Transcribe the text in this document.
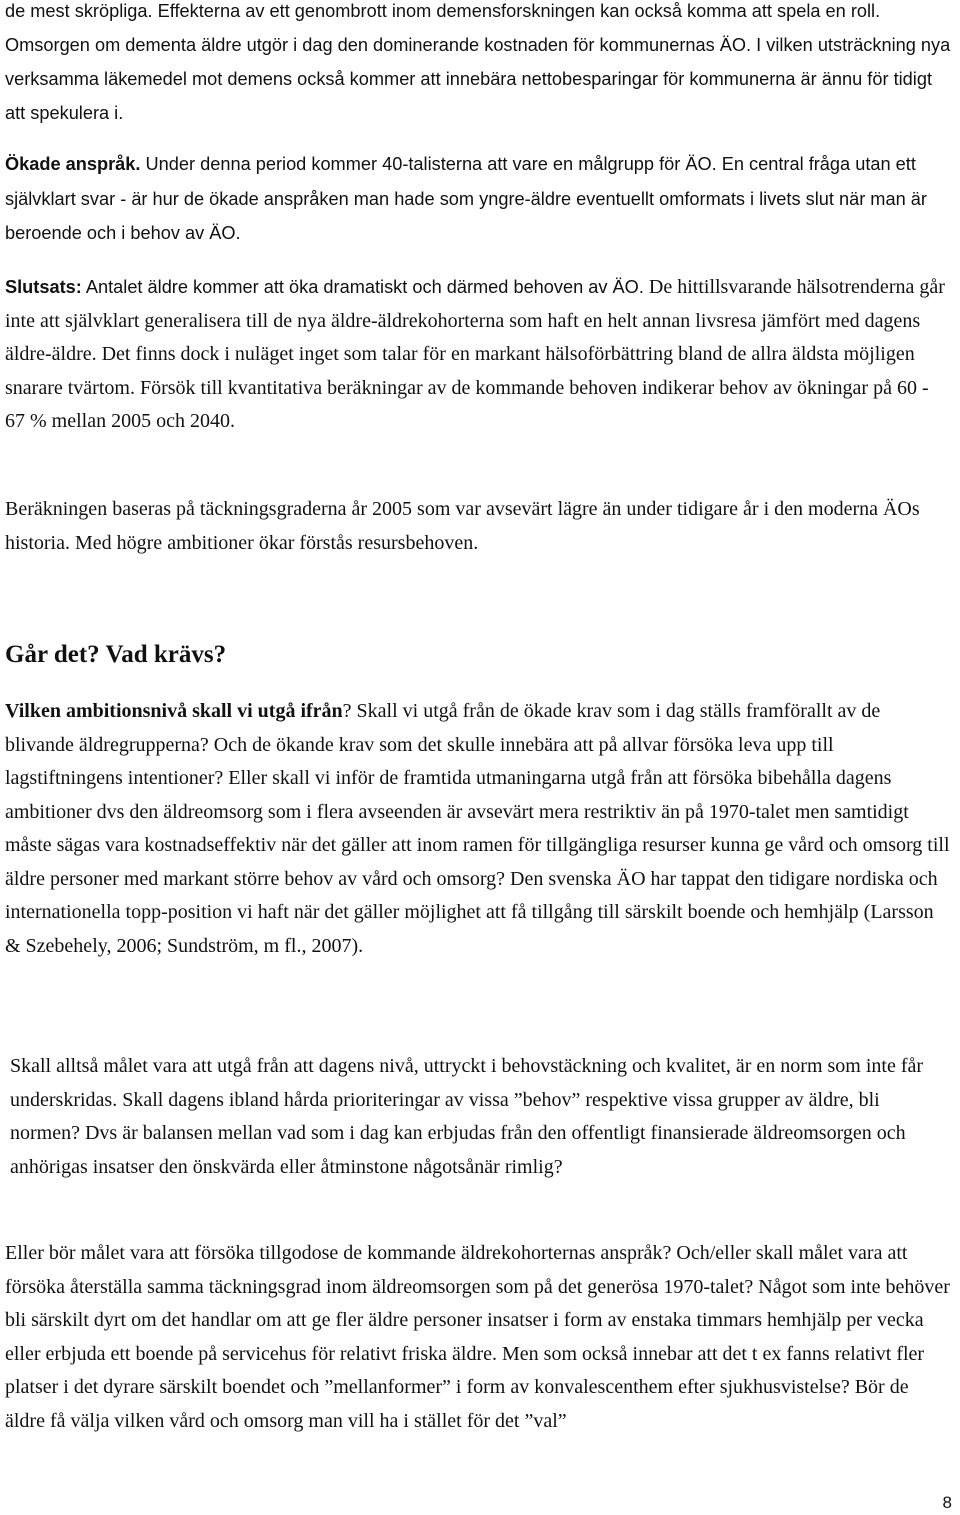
de mest skröpliga. Effekterna av ett genombrott inom demensforskningen kan också komma att spela en roll. Omsorgen om dementa äldre utgör i dag den dominerande kostnaden för kommunernas ÄO. I vilken utsträckning nya verksamma läkemedel mot demens också kommer att innebära nettobesparingar för kommunerna är ännu för tidigt att spekulera i.

Ökade anspråk. Under denna period kommer 40-talisterna att vare en målgrupp för ÄO. En central fråga utan ett självklart svar - är hur de ökade anspråken man hade som yngre-äldre eventuellt omformats i livets slut när man är beroende och i behov av ÄO.

Slutsats: Antalet äldre kommer att öka dramatiskt och därmed behoven av ÄO. De hittillsvarande hälsotrenderna går inte att självklart generalisera till de nya äldre-äldrekohorterna som haft en helt annan livsresa jämfört med dagens äldre-äldre. Det finns dock i nuläget inget som talar för en markant hälsoförbättring bland de allra äldsta möjligen snarare tvärtom. Försök till kvantitativa beräkningar av de kommande behoven indikerar behov av ökningar på 60 - 67 % mellan 2005 och 2040.

Beräkningen baseras på täckningsgraderna år 2005 som var avsevärt lägre än under tidigare år i den moderna ÄOs historia. Med högre ambitioner ökar förstås resursbehoven.

Går det? Vad krävs?

Vilken ambitionsnivå skall vi utgå ifrån? Skall vi utgå från de ökade krav som i dag ställs framförallt av de blivande äldregrupperna? Och de ökande krav som det skulle innebära att på allvar försöka leva upp till lagstiftningens intentioner? Eller skall vi inför de framtida utmaningarna utgå från att försöka bibehålla dagens ambitioner dvs den äldreomsorg som i flera avseenden är avsevärt mera restriktiv än på 1970-talet men samtidigt måste sägas vara kostnadseffektiv när det gäller att inom ramen för tillgängliga resurser kunna ge vård och omsorg till äldre personer med markant större behov av vård och omsorg? Den svenska ÄO har tappat den tidigare nordiska och internationella topp-position vi haft när det gäller möjlighet att få tillgång till särskilt boende och hemhjälp (Larsson & Szebehely, 2006; Sundström, m fl., 2007).

Skall alltså målet vara att utgå från att dagens nivå, uttryckt i behovstäckning och kvalitet, är en norm som inte får underskridas. Skall dagens ibland hårda prioriteringar av vissa ”behov” respektive vissa grupper av äldre, bli normen? Dvs är balansen mellan vad som i dag kan erbjudas från den offentligt finansierade äldreomsorgen och anhörigas insatser den önskvärda eller åtminstone någotsånär rimlig?

Eller bör målet vara att försöka tillgodose de kommande äldrekohorternas anspråk? Och/eller skall målet vara att försöka återställa samma täckningsgrad inom äldreomsorgen som på det generösa 1970-talet? Något som inte behöver bli särskilt dyrt om det handlar om att ge fler äldre personer insatser i form av enstaka timmars hemhjälp per vecka eller erbjuda ett boende på servicehus för relativt friska äldre. Men som också innebar att det t ex fanns relativt fler platser i det dyrare särskilt boendet och ”mellanformer” i form av konvalescenthem efter sjukhusvistelse? Bör de äldre få välja vilken vård och omsorg man vill ha i stället för det ”val”

8
